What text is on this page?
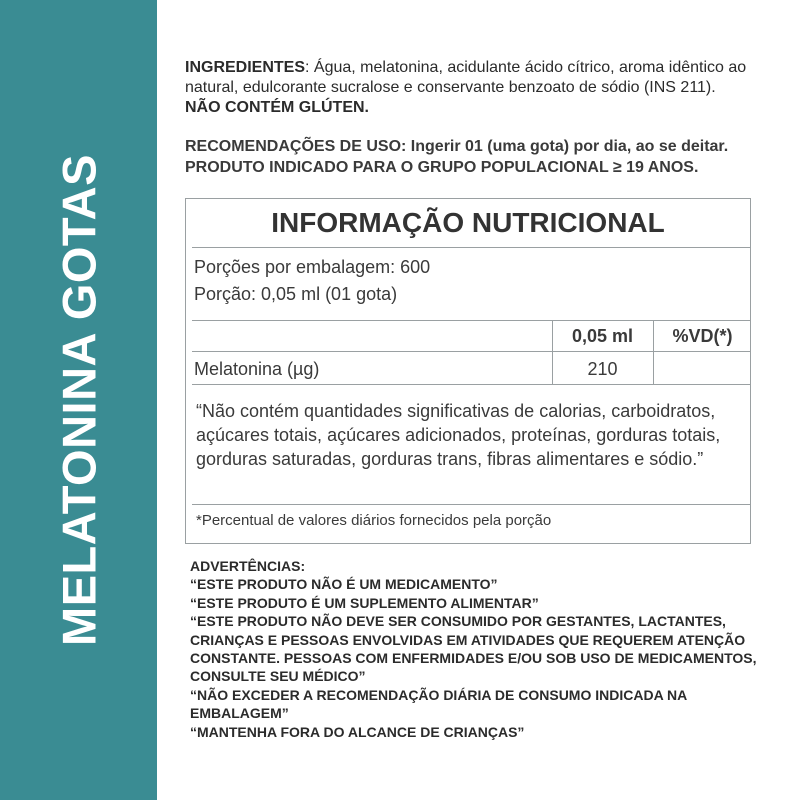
MELATONINA GOTAS

INGREDIENTES: Água, melatonina, acidulante ácido cítrico, aroma idêntico ao natural, edulcorante sucralose e conservante benzoato de sódio (INS 211).
NÃO CONTÉM GLÚTEN.

RECOMENDAÇÕES DE USO: Ingerir 01 (uma gota) por dia, ao se deitar.
PRODUTO INDICADO PARA O GRUPO POPULACIONAL ≥ 19 ANOS.
INFORMAÇÃO NUTRICIONAL
Porções por embalagem: 600
Porção: 0,05 ml (01 gota)
0,05 ml	%VD(*)
Melatonina (µg)	210
“Não contém quantidades significativas de calorias, carboidratos, açúcares totais, açúcares adicionados, proteínas, gorduras totais, gorduras saturadas, gorduras trans, fibras alimentares e sódio.”
*Percentual de valores diários fornecidos pela porção
ADVERTÊNCIAS:
“ESTE PRODUTO NÃO É UM MEDICAMENTO”
“ESTE PRODUTO É UM SUPLEMENTO ALIMENTAR”
“ESTE PRODUTO NÃO DEVE SER CONSUMIDO POR GESTANTES, LACTANTES, CRIANÇAS E PESSOAS ENVOLVIDAS EM ATIVIDADES QUE REQUEREM ATENÇÃO CONSTANTE. PESSOAS COM ENFERMIDADES E/OU SOB USO DE MEDICAMENTOS, CONSULTE SEU MÉDICO”
“NÃO EXCEDER A RECOMENDAÇÃO DIÁRIA DE CONSUMO INDICADA NA EMBALAGEM”
“MANTENHA FORA DO ALCANCE DE CRIANÇAS”
